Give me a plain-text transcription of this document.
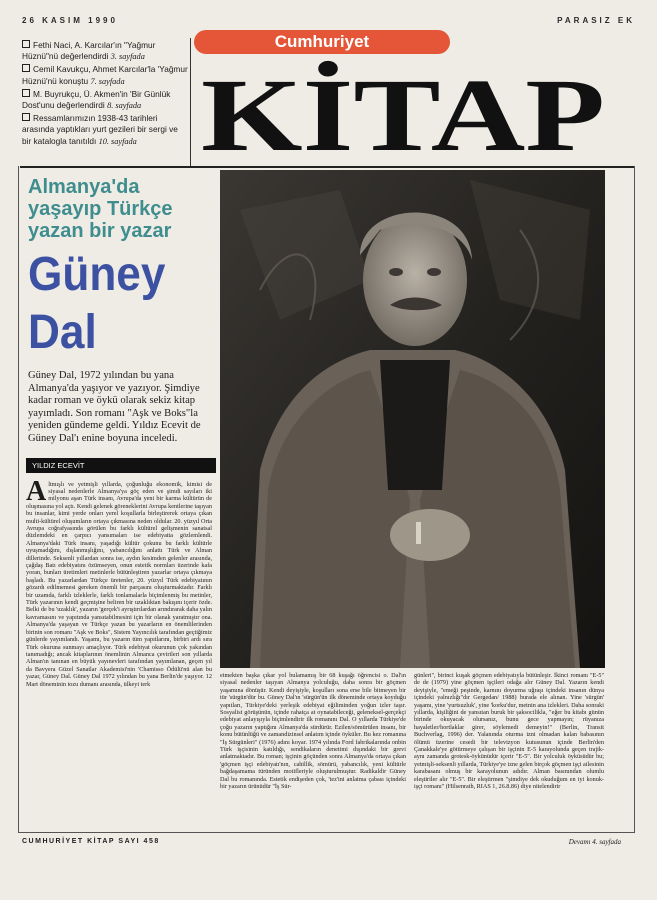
26 KASIM 1990	PARASIZ EK
Cumhuriyet
Fethi Naci, A. Karcılar'ın "Yağmur Hüznü"nü değerlendirdi 3. sayfada
Cemil Kavukçu, Ahmet Karcılar'la 'Yağmur Hüznü'nü konuştu 7. sayfada
M. Buyrukçu, Ü. Akmen'in 'Bir Günlük Dost'unu değerlendirdi 8. sayfada
Ressamlarımızın 1938-43 tarihleri arasında yaptıkları yurt gezileri bir sergi ve bir katalogla tanıtıldı 10. sayfada KİTAP
Almanya'da yaşayıp Türkçe yazan bir yazar
Güney Dal
Güney Dal, 1972 yılından bu yana Almanya'da yaşıyor ve yazıyor. Şimdiye kadar roman ve öykü olarak sekiz kitap yayımladı. Son romanı "Aşk ve Boks"la yeniden gündeme geldi. Yıldız Ecevit de Güney Dal'ı enine boyuna inceledi.
YILDIZ ECEVİT
Altmışlı ve yetmişli yıllarda, çoğunluğu ekonomik, kimisi de siyasal nedenlerle Almanya'ya göç eden ve şimdi sayıları iki milyonu aşan Türk insanı, Avrupa'da yeni bir karma kültürün de oluşmasına yol açtı. Kendi gelenek göreneklerini Avrupa kentlerine taşıyan bu insanlar, kimi yerde onları yerel koşullarla birleştirerek ortaya çıkan multi-kültürel oluşumların ortaya çıkmasına neden oldular. 20. yüzyıl Orta Avrupa coğrafyasında görülen bu farklı kültürel gelişmenin sanatsal düzlemdeki en çarpıcı yansımaları ise edebiyatta gözlemlendi. Almanya'daki Türk insanı, yaşadığı kültür çokunu bu farklı kültürle uyuşmadığını, dışlanmışlığını, yabancılığını anlattı Türk ve Alman dillerinde. Seksenli yıllardan sonra ise, aydın kesimden gelenler arasında, çağdaş Batı edebiyatını özümseyen, onun estetik normları üzerinde kafa yoran, bunları üretimleri metinlerle bütünleştiren yazarlar ortaya çıkmaya başladı. Bu yazarlardan Türkçe üretenler, 20. yüzyıl Türk edebiyatının gözardı edilmemesi gereken önemli bir parçasını oluşturmaktadır. Farklı bir uzamda, farklı izleklerle, farklı tonlamalarla biçimlenmiş bu metinler, Türk yazarının kendi geçmişine beliren bir uzaklıktan bakışını içerir özde. Belki de bu 'uzaklık', yazarın 'gerçek'i ayrıştırılardan arındırarak daha yalın kavramasını ve yapıtında yansıtabilmesini için bir olanak yaratmıştır ona. Almanya'da yaşayan ve Türkçe yazan bu yazarların en önemlilerinden birinin son romanı "Aşk ve Boks", Sistem Yayıncılık tarafından geçtiğimiz günlerde yayımlandı. Yaşamı, bu yazarın tüm yapıtlarını, birbiri ardı sıra Türk okuruna sunmayı amaçlıyor. Türk edebiyat okurunun çok yakından tanımadığı; ancak kitaplarının önemlinin Almanca çevirileri son yıllarda Alman'ın tanınan en büyük yayınevleri tarafından yayımlanan, geçen yıl da Bavyera Güzel Sanatlar Akademisi'nin 'Chamisso Ödülü'nü alan bu yazar, Güney Dal. Güney Dal 1972 yılından bu yana Berlin'de yaşıyor. 12 Mart döneminin tozu dumanı arasında, ülkeyi terk
etmekten başka çıkar yol bulamamış bir 68 kuşağı öğrencisi o. Dal'ın siyasal nedenler taşıyan Almanya yolculuğu, daha sonra bir göçmen yaşamına dönüşür. Kendi deyişiyle, koşulları sona erse bile bitmeyen bir tür 'sürgün'dür bu. Güney Dal'ın 'sürgün'ün ilk döneminde ortaya koyduğu yapıtları, Türkiye'deki yerleşik edebiyat eğiliminden yoğun izler taşır. Sosyalist görüşünün, içinde rahatça at oynatabileceği, geleneksel-gerçekçi edebiyat anlayışıyla biçimlendirir ilk romanını Dal. O yıllarda Türkiye'de çoğu yazarın yaptığını Almanya'da sürdürür. Ezilen/sömürülen insanı, bir konu bütünlüğü ve zamandizinsel anlatım içinde öyküler. Bu kez romanına "İş Sürgünleri" (1976) adını koyar. 1974 yılında Ford fabrikalarında onbin Türk işçisinin katıldığı, sendikaların denetimi dışındaki bir grevi anlatmaktadır. Bu roman; işçinin göçünden sonra Almanya'da ortaya çıkan 'göçmen işçi edebiyatı'nın, cahillik, sömürü, yabancılık, yeni kültürle bağdaşamama türünden motifleriyle oluşturulmuştur. Radikaldir Güney Dal bu romanında. Estetik endişeden çok, 'tez'ini anlatma çabası içindeki bir yazarın ürünüdür "İş Sür-
günleri", birinci kuşak göçmen edebiyatıyla bütünleşir. İkinci romanı "E-5" de de (1979) yine göçmen işçileri odağa alır Güney Dal. Yazarın kendi deyişiyle, "emeği peşinde, karnını doyurma uğraşı içindeki insanın dünya içindeki yalnızlığı"dır Gergedan/ 1988) burada ele alınan. Yine 'sürgün' yaşamı, yine 'yurtsuzluk', yine 'korku'dur, metnin ana izlekleri. Daha sonraki yıllarda, kişiliğini de yansıtan buruk bir şaksocilikla, "eğer bu kitabı günün birinde okuyacak olursanız, bunu gece yapmayın; rüyanıza hayaletler/hortlaklar girer, söylemedi demeyin!" (Berlin, Transit Buchverlag, 1996) der. Yalanında oturma izni olmadan kalan babasının ölümü üzerine cesedi bir televizyon kutusunun içinde Berlin'den Çanakkale'ye götürmeye çalışan bir işçinin E-5 karayolunda geçen trajik-aynı zamanda grotesk-öykünüdür içerir "E-5". Bir yolculuk öyküsüdür bu; yetmişli-seksenli yıllarda, Türkiye'ye izne gelen birçok göçmen işçi ailesinin karabasanı olmuş bir karayolunun adıdır. Alman basınından olumlu eleştiriler alır "E-5". Bir eleştirmen "şimdiye dek okuduğum en iyi konuk-işçi romanı" (Hilsenrath, RIAS 1, 26.8.86) diye nitelendirir
CUMHURİYET KİTAP SAYI 458	Devamı 4. sayfada
